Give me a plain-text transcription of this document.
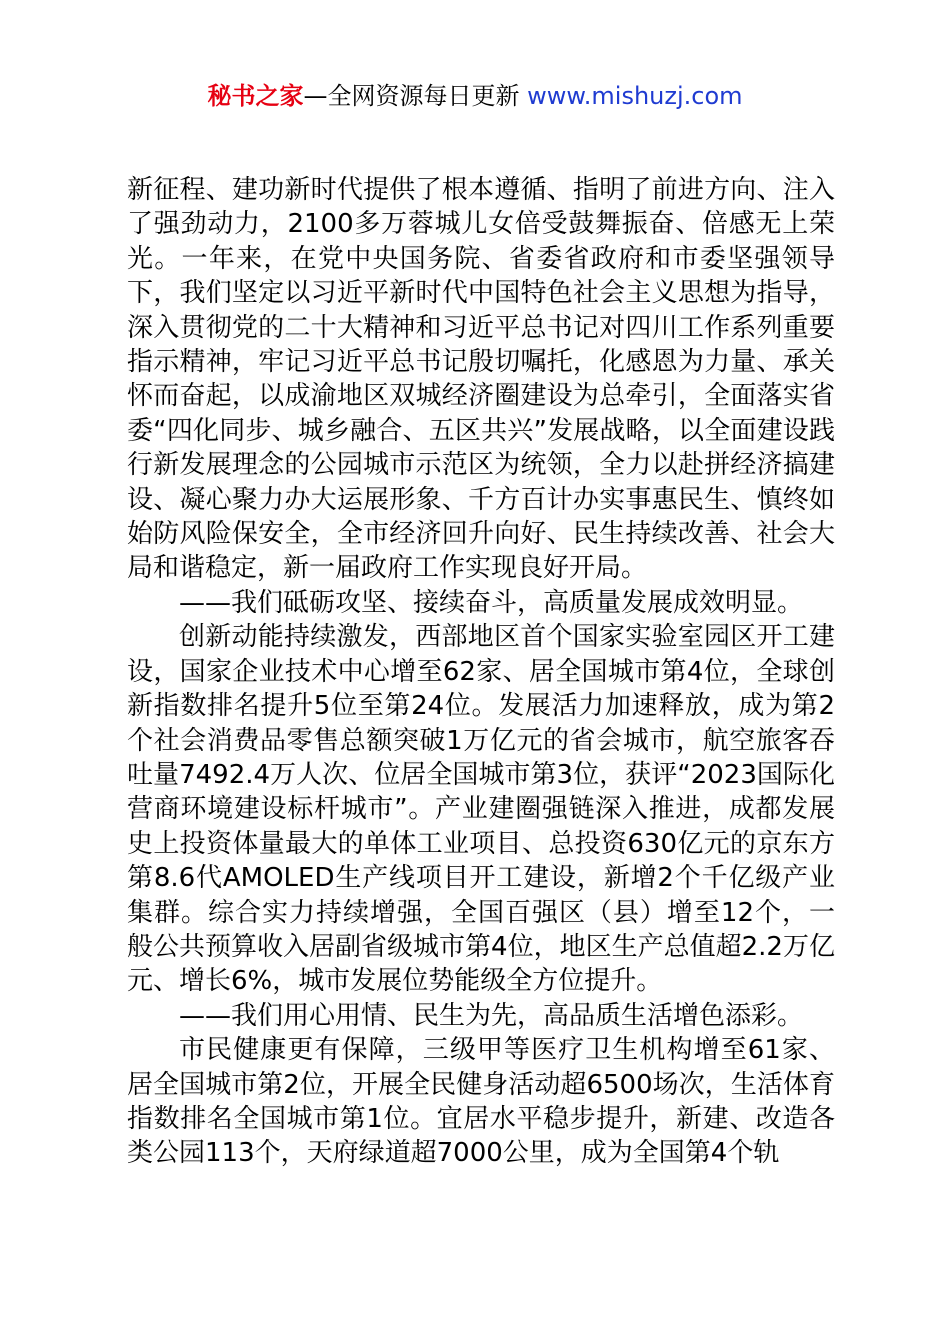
秘书之家—全网资源每日更新 www.mishuzj.com

新征程、建功新时代提供了根本遵循、指明了前进方向、注入了强劲动力，2100多万蓉城儿女倍受鼓舞振奋、倍感无上荣光。一年来，在党中央国务院、省委省政府和市委坚强领导下，我们坚定以习近平新时代中国特色社会主义思想为指导，深入贯彻党的二十大精神和习近平总书记对四川工作系列重要指示精神，牢记习近平总书记殷切嘱托，化感恩为力量、承关怀而奋起，以成渝地区双城经济圈建设为总牵引，全面落实省委“四化同步、城乡融合、五区共兴”发展战略，以全面建设践行新发展理念的公园城市示范区为统领，全力以赴拼经济搞建设、凝心聚力办大运展形象、千方百计办实事惠民生、慎终如始防风险保安全，全市经济回升向好、民生持续改善、社会大局和谐稳定，新一届政府工作实现良好开局。

——我们砥砺攻坚、接续奋斗，高质量发展成效明显。

创新动能持续激发，西部地区首个国家实验室园区开工建设，国家企业技术中心增至62家、居全国城市第4位，全球创新指数排名提升5位至第24位。发展活力加速释放，成为第2个社会消费品零售总额突破1万亿元的省会城市，航空旅客吞吐量7492.4万人次、位居全国城市第3位，获评“2023国际化营商环境建设标杆城市”。产业建圈强链深入推进，成都发展史上投资体量最大的单体工业项目、总投资630亿元的京东方第8.6代AMOLED生产线项目开工建设，新增2个千亿级产业集群。综合实力持续增强，全国百强区（县）增至12个，一般公共预算收入居副省级城市第4位，地区生产总值超2.2万亿元、增长6%，城市发展位势能级全方位提升。

——我们用心用情、民生为先，高品质生活增色添彩。

市民健康更有保障，三级甲等医疗卫生机构增至61家、居全国城市第2位，开展全民健身活动超6500场次，生活体育指数排名全国城市第1位。宜居水平稳步提升，新建、改造各类公园113个，天府绿道超7000公里，成为全国第4个轨
